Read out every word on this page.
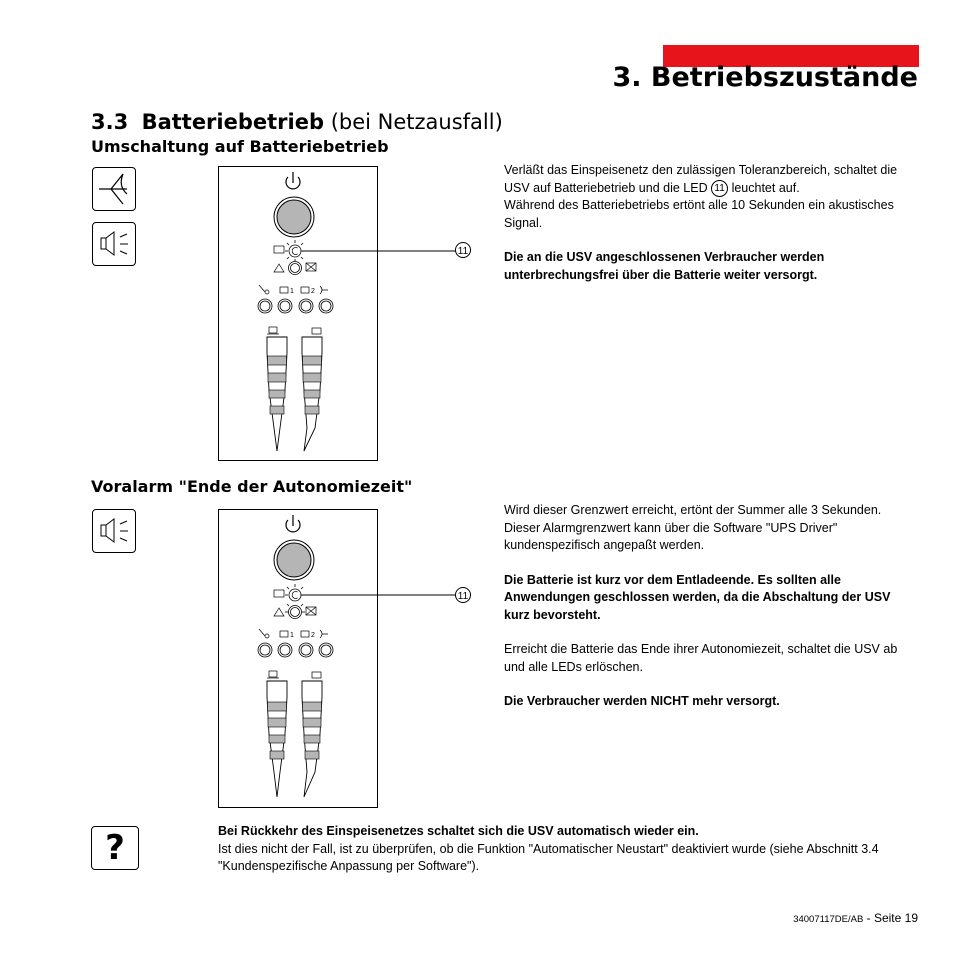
3. Betriebszustände
3.3 Batteriebetrieb (bei Netzausfall)
Umschaltung auf Batteriebetrieb
11
1 2

Verläßt das Einspeisenetz den zulässigen Toleranzbereich, schaltet die USV auf Batteriebetrieb und die LED 11 leuchtet auf.
Während des Batteriebetriebs ertönt alle 10 Sekunden ein akustisches Signal.

Die an die USV angeschlossenen Verbraucher werden unterbrechungsfrei über die Batterie weiter versorgt.

Voralarm "Ende der Autonomiezeit"
11
1 2

Wird dieser Grenzwert erreicht, ertönt der Summer alle 3 Sekunden. Dieser Alarmgrenzwert kann über die Software "UPS Driver" kundenspezifisch angepaßt werden.

Die Batterie ist kurz vor dem Entladeende. Es sollten alle Anwendungen geschlossen werden, da die Abschaltung der USV kurz bevorsteht.

Erreicht die Batterie das Ende ihrer Autonomiezeit, schaltet die USV ab und alle LEDs erlöschen.

Die Verbraucher werden NICHT mehr versorgt.

?	Bei Rückkehr des Einspeisenetzes schaltet sich die USV automatisch wieder ein.
Ist dies nicht der Fall, ist zu überprüfen, ob die Funktion "Automatischer Neustart" deaktiviert wurde (siehe Abschnitt 3.4 "Kundenspezifische Anpassung per Software").
34007117DE/AB - Seite 19
